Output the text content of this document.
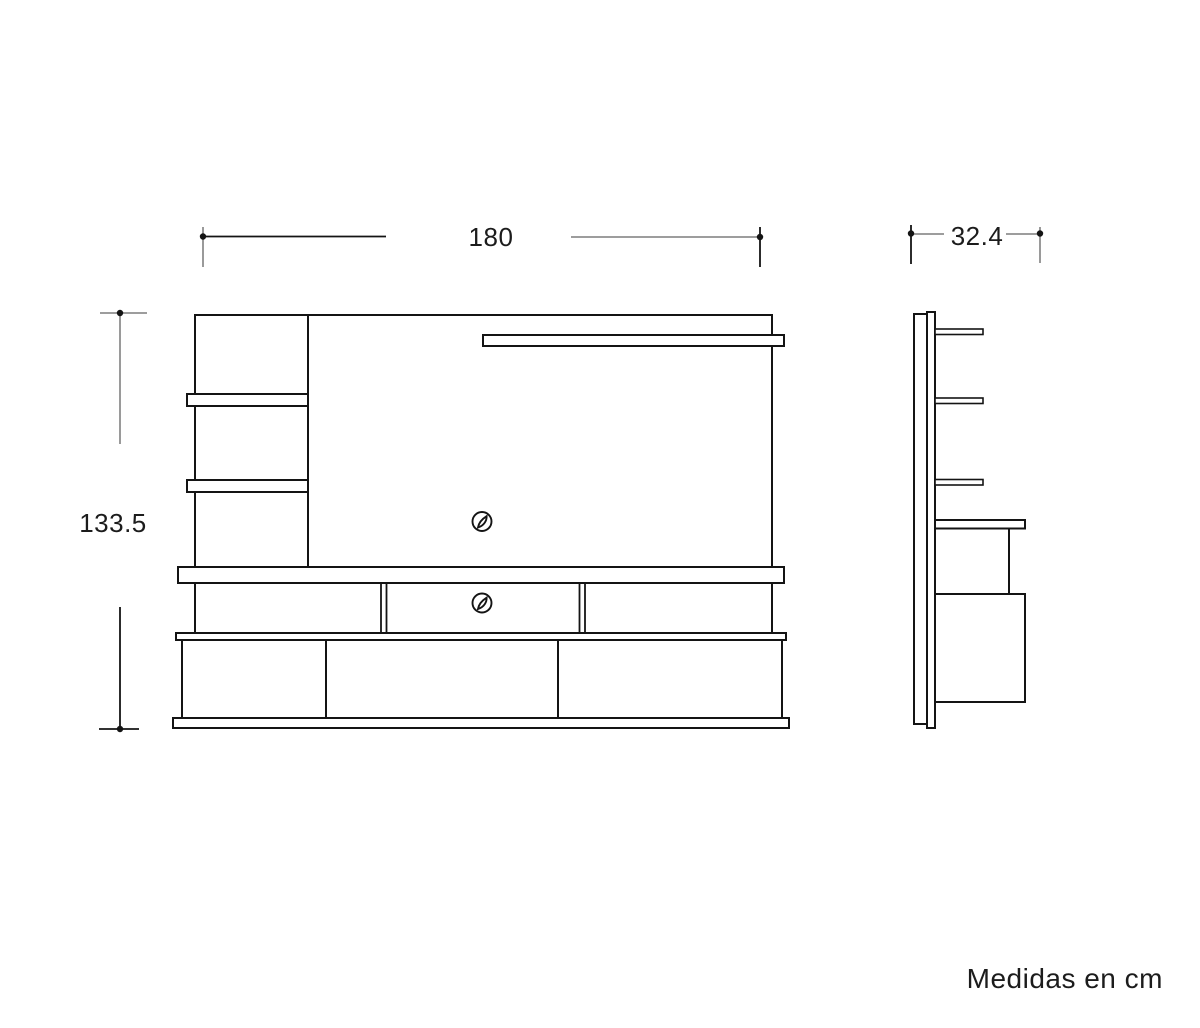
180	32.4
133.5
Medidas en cm
